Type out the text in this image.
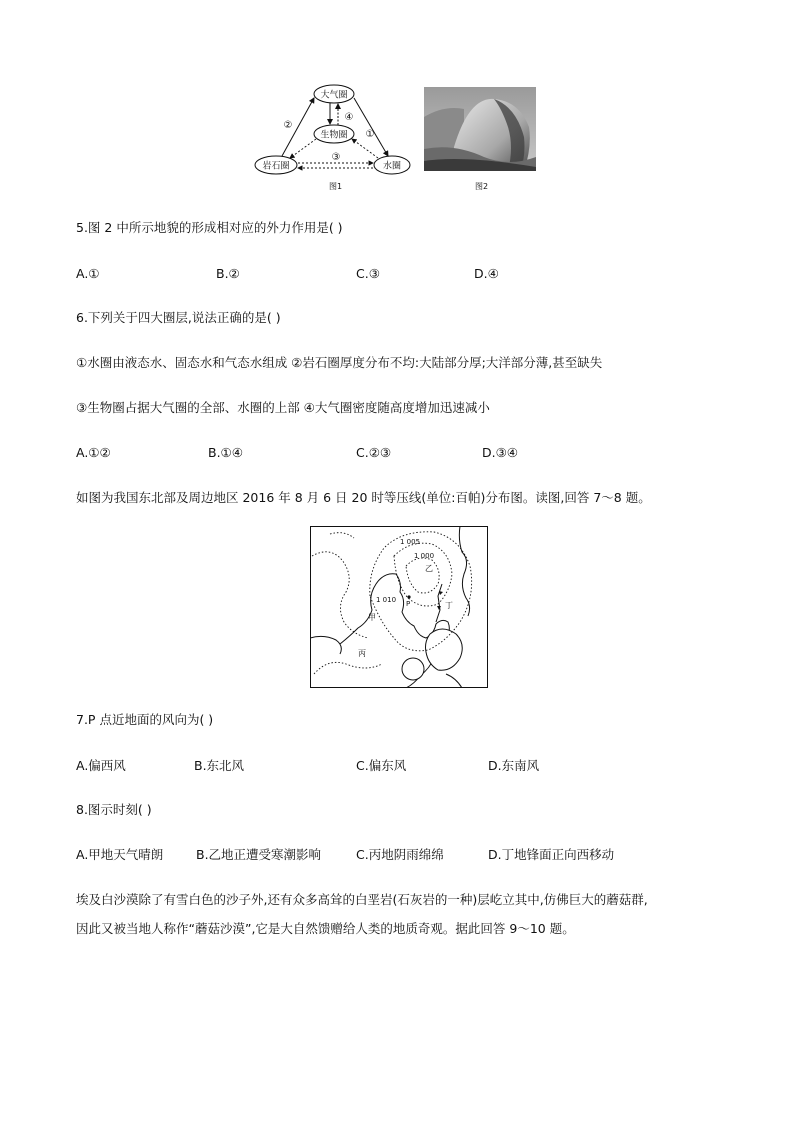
大气圈
生物圈
岩石圈	水圈
②
④
①
③
图1	图2
5.图 2 中所示地貌的形成相对应的外力作用是( )
A.①	B.②	C.③	D.④
6.下列关于四大圈层,说法正确的是( )
①水圈由液态水、固态水和气态水组成 ②岩石圈厚度分布不均:大陆部分厚;大洋部分薄,甚至缺失
③生物圈占据大气圈的全部、水圈的上部 ④大气圈密度随高度增加迅速减小
A.①②	B.①④	C.②③	D.③④
如图为我国东北部及周边地区 2016 年 8 月 6 日 20 时等压线(单位:百帕)分布图。读图,回答 7～8 题。
1 005
1 000
1 010
乙
P
甲
丙
丁
7.P 点近地面的风向为( )
A.偏西风	B.东北风	C.偏东风	D.东南风
8.图示时刻( )
A.甲地天气晴朗	B.乙地正遭受寒潮影响	C.丙地阴雨绵绵	D.丁地锋面正向西移动
埃及白沙漠除了有雪白色的沙子外,还有众多高耸的白垩岩(石灰岩的一种)层屹立其中,仿佛巨大的蘑菇群,
因此又被当地人称作“蘑菇沙漠”,它是大自然馈赠给人类的地质奇观。据此回答 9～10 题。
